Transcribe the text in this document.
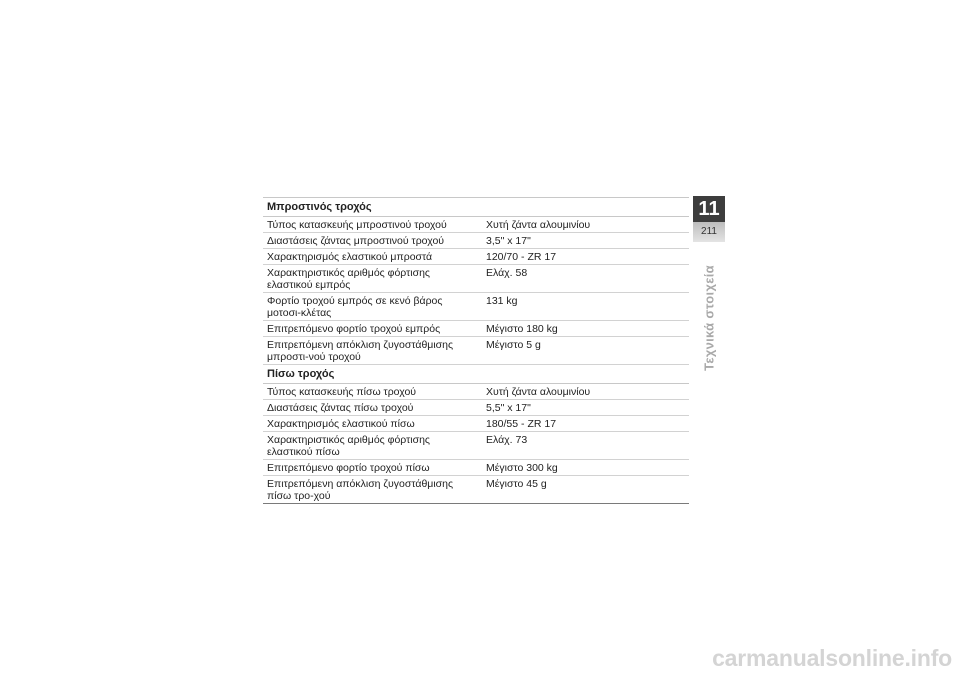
Μπροστινός τροχός	
Τύπος κατασκευής μπροστινού τροχού	Χυτή ζάντα αλουμινίου
Διαστάσεις ζάντας μπροστινού τροχού	3,5" x 17"
Χαρακτηρισμός ελαστικού μπροστά	120/70 - ZR 17
Χαρακτηριστικός αριθμός φόρτισης ελαστικού εμπρός	Ελάχ. 58
Φορτίο τροχού εμπρός σε κενό βάρος μοτοσι-κλέτας	131 kg
Επιτρεπόμενο φορτίο τροχού εμπρός	Μέγιστο 180 kg
Επιτρεπόμενη απόκλιση ζυγοστάθμισης μπροστι-νού τροχού	Μέγιστο 5 g
Πίσω τροχός	
Τύπος κατασκευής πίσω τροχού	Χυτή ζάντα αλουμινίου
Διαστάσεις ζάντας πίσω τροχού	5,5" x 17"
Χαρακτηρισμός ελαστικού πίσω	180/55 - ZR 17
Χαρακτηριστικός αριθμός φόρτισης ελαστικού πίσω	Ελάχ. 73
Επιτρεπόμενο φορτίο τροχού πίσω	Μέγιστο 300 kg
Επιτρεπόμενη απόκλιση ζυγοστάθμισης πίσω τρο-χού	Μέγιστο 45 g
11
211
Τεχνικά στοιχεία
carmanualsonline.info
